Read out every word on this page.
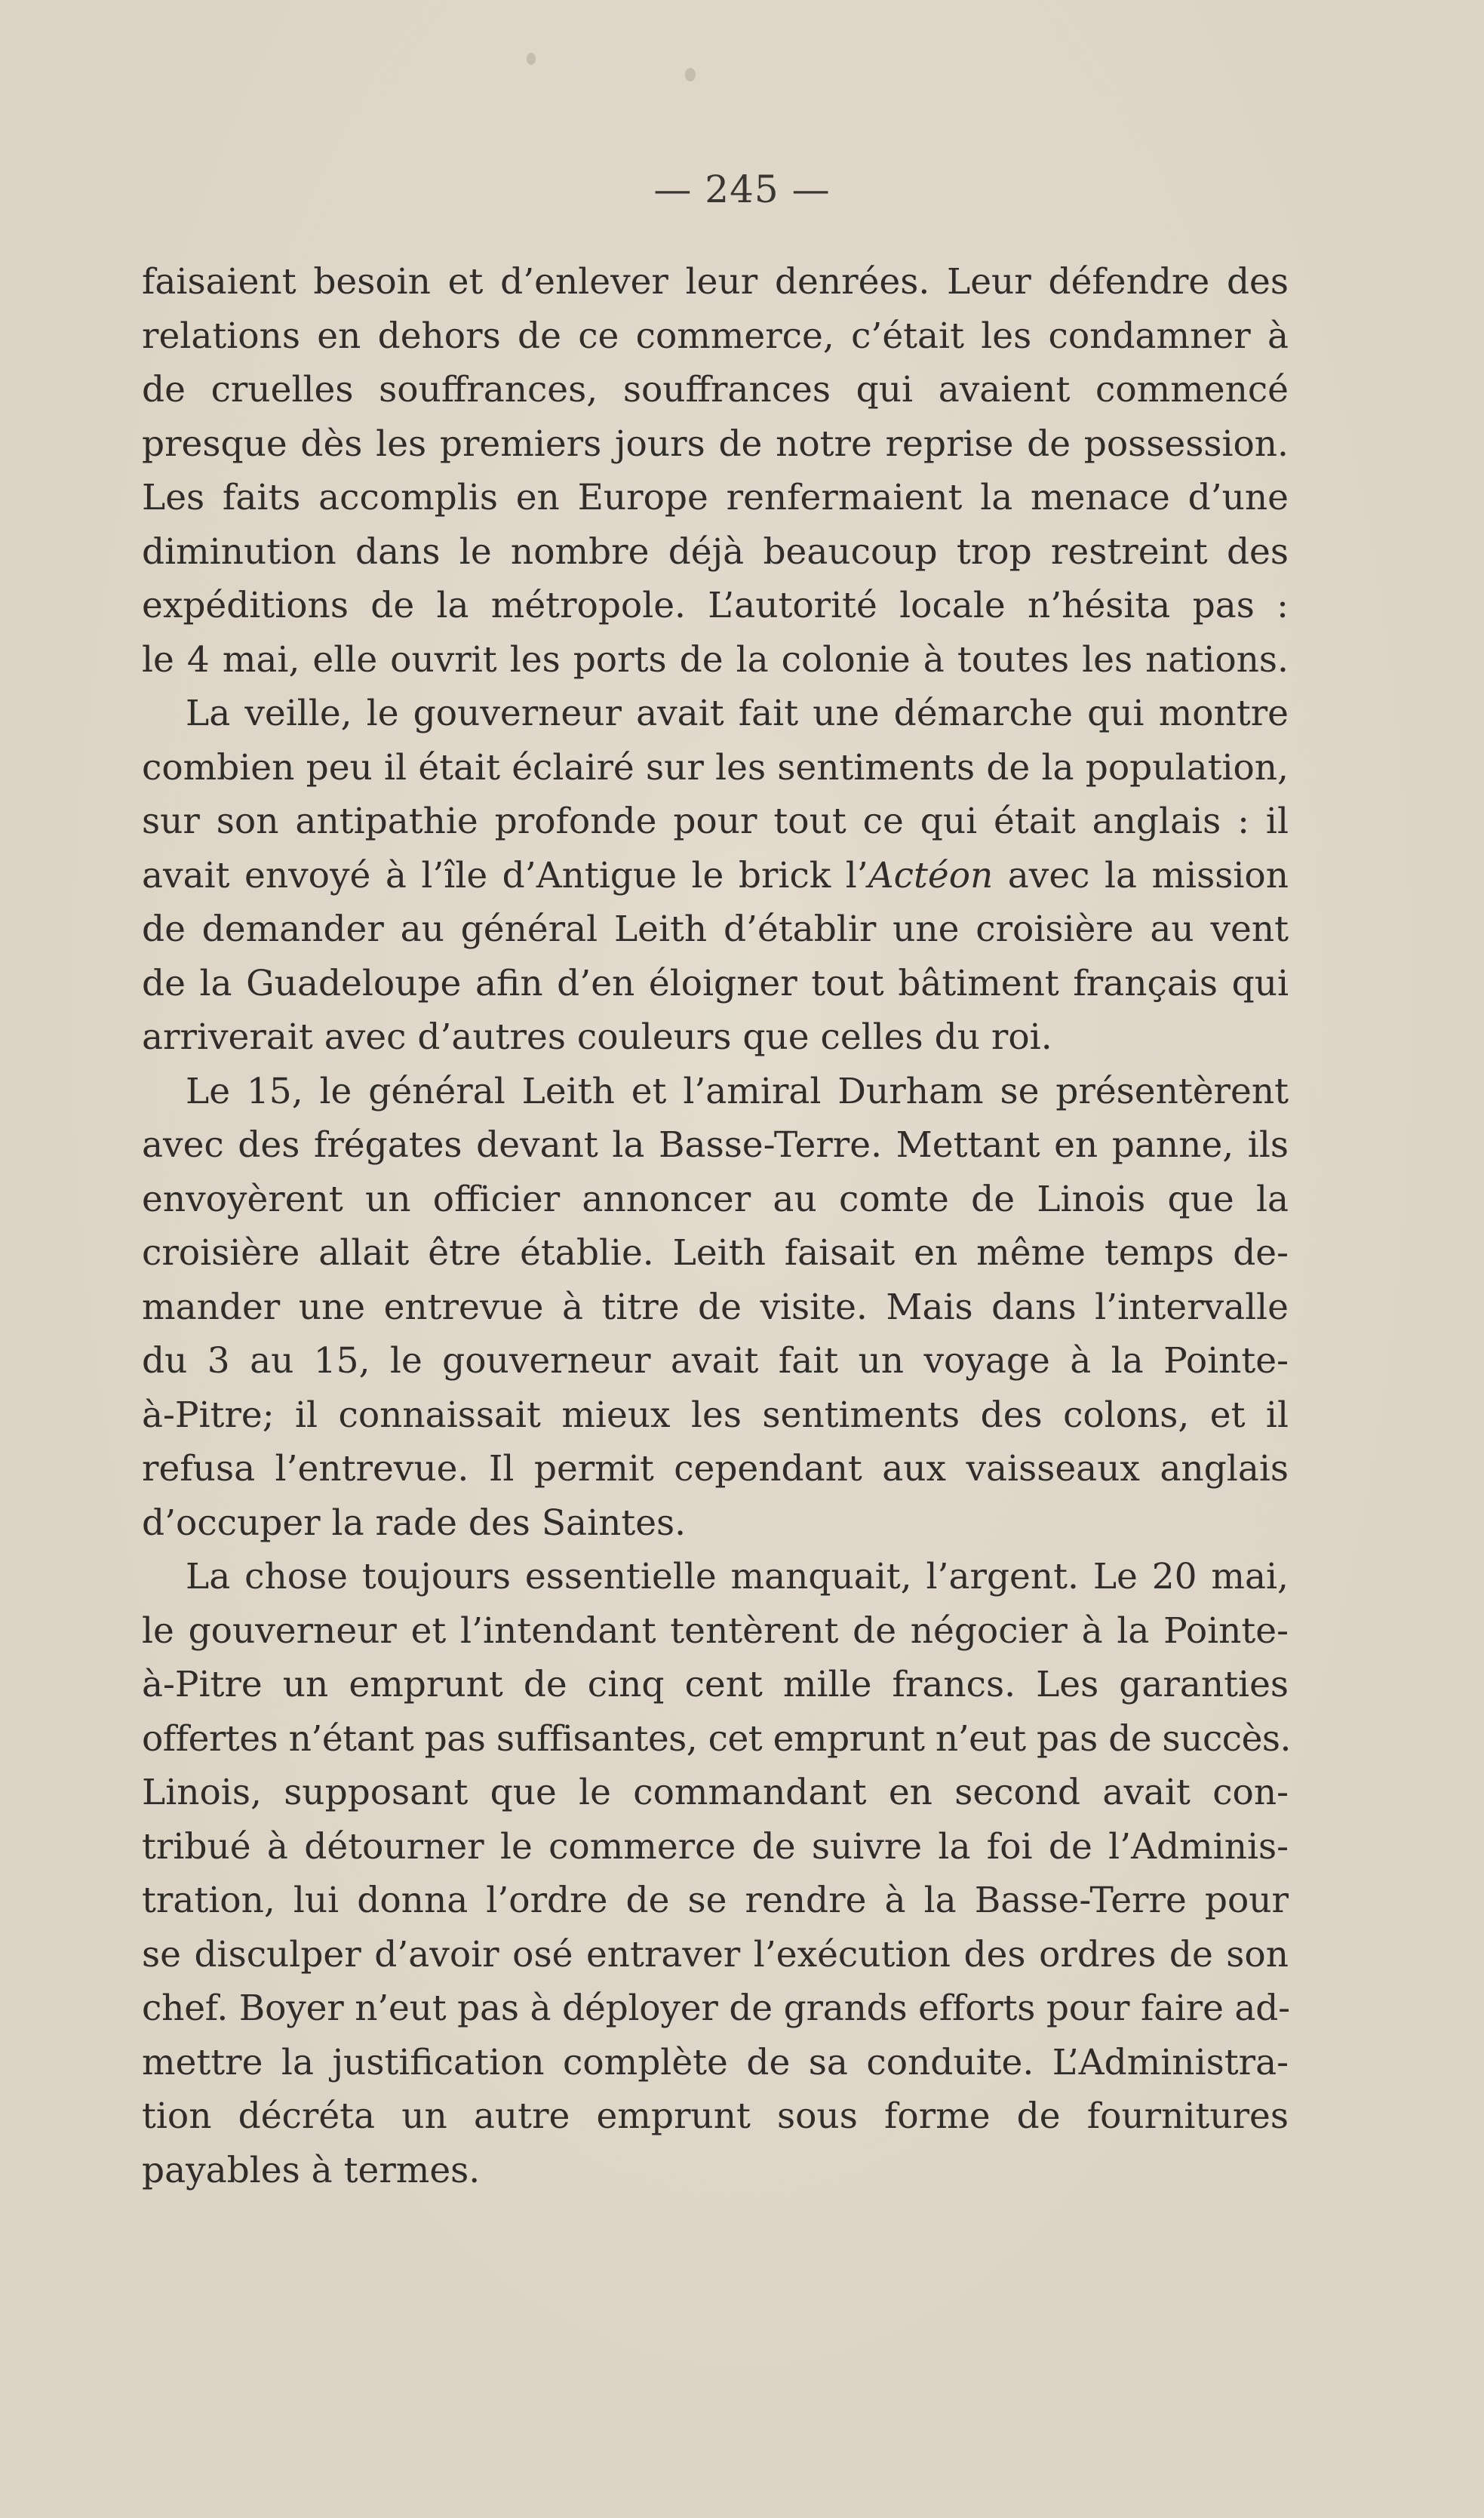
— 245 —
faisaient besoin et d’enlever leur denrées. Leur défendre des
relations en dehors de ce commerce, c’était les condamner à
de cruelles souffrances, souffrances qui avaient commencé
presque dès les premiers jours de notre reprise de possession.
Les faits accomplis en Europe renfermaient la menace d’une
diminution dans le nombre déjà beaucoup trop restreint des
expéditions de la métropole. L’autorité locale n’hésita pas :
le 4 mai, elle ouvrit les ports de la colonie à toutes les nations.
La veille, le gouverneur avait fait une démarche qui montre
combien peu il était éclairé sur les sentiments de la population,
sur son antipathie profonde pour tout ce qui était anglais : il
avait envoyé à l’île d’Antigue le brick l’Actéon avec la mission
de demander au général Leith d’établir une croisière au vent
de la Guadeloupe afin d’en éloigner tout bâtiment français qui
arriverait avec d’autres couleurs que celles du roi.
Le 15, le général Leith et l’amiral Durham se présentèrent
avec des frégates devant la Basse-Terre. Mettant en panne, ils
envoyèrent un officier annoncer au comte de Linois que la
croisière allait être établie. Leith faisait en même temps de-
mander une entrevue à titre de visite. Mais dans l’intervalle
du 3 au 15, le gouverneur avait fait un voyage à la Pointe-
à-Pitre; il connaissait mieux les sentiments des colons, et il
refusa l’entrevue. Il permit cependant aux vaisseaux anglais
d’occuper la rade des Saintes.
La chose toujours essentielle manquait, l’argent. Le 20 mai,
le gouverneur et l’intendant tentèrent de négocier à la Pointe-
à-Pitre un emprunt de cinq cent mille francs. Les garanties
offertes n’étant pas suffisantes, cet emprunt n’eut pas de succès.
Linois, supposant que le commandant en second avait con-
tribué à détourner le commerce de suivre la foi de l’Adminis-
tration, lui donna l’ordre de se rendre à la Basse-Terre pour
se disculper d’avoir osé entraver l’exécution des ordres de son
chef. Boyer n’eut pas à déployer de grands efforts pour faire ad-
mettre la justification complète de sa conduite. L’Administra-
tion décréta un autre emprunt sous forme de fournitures
payables à termes.
